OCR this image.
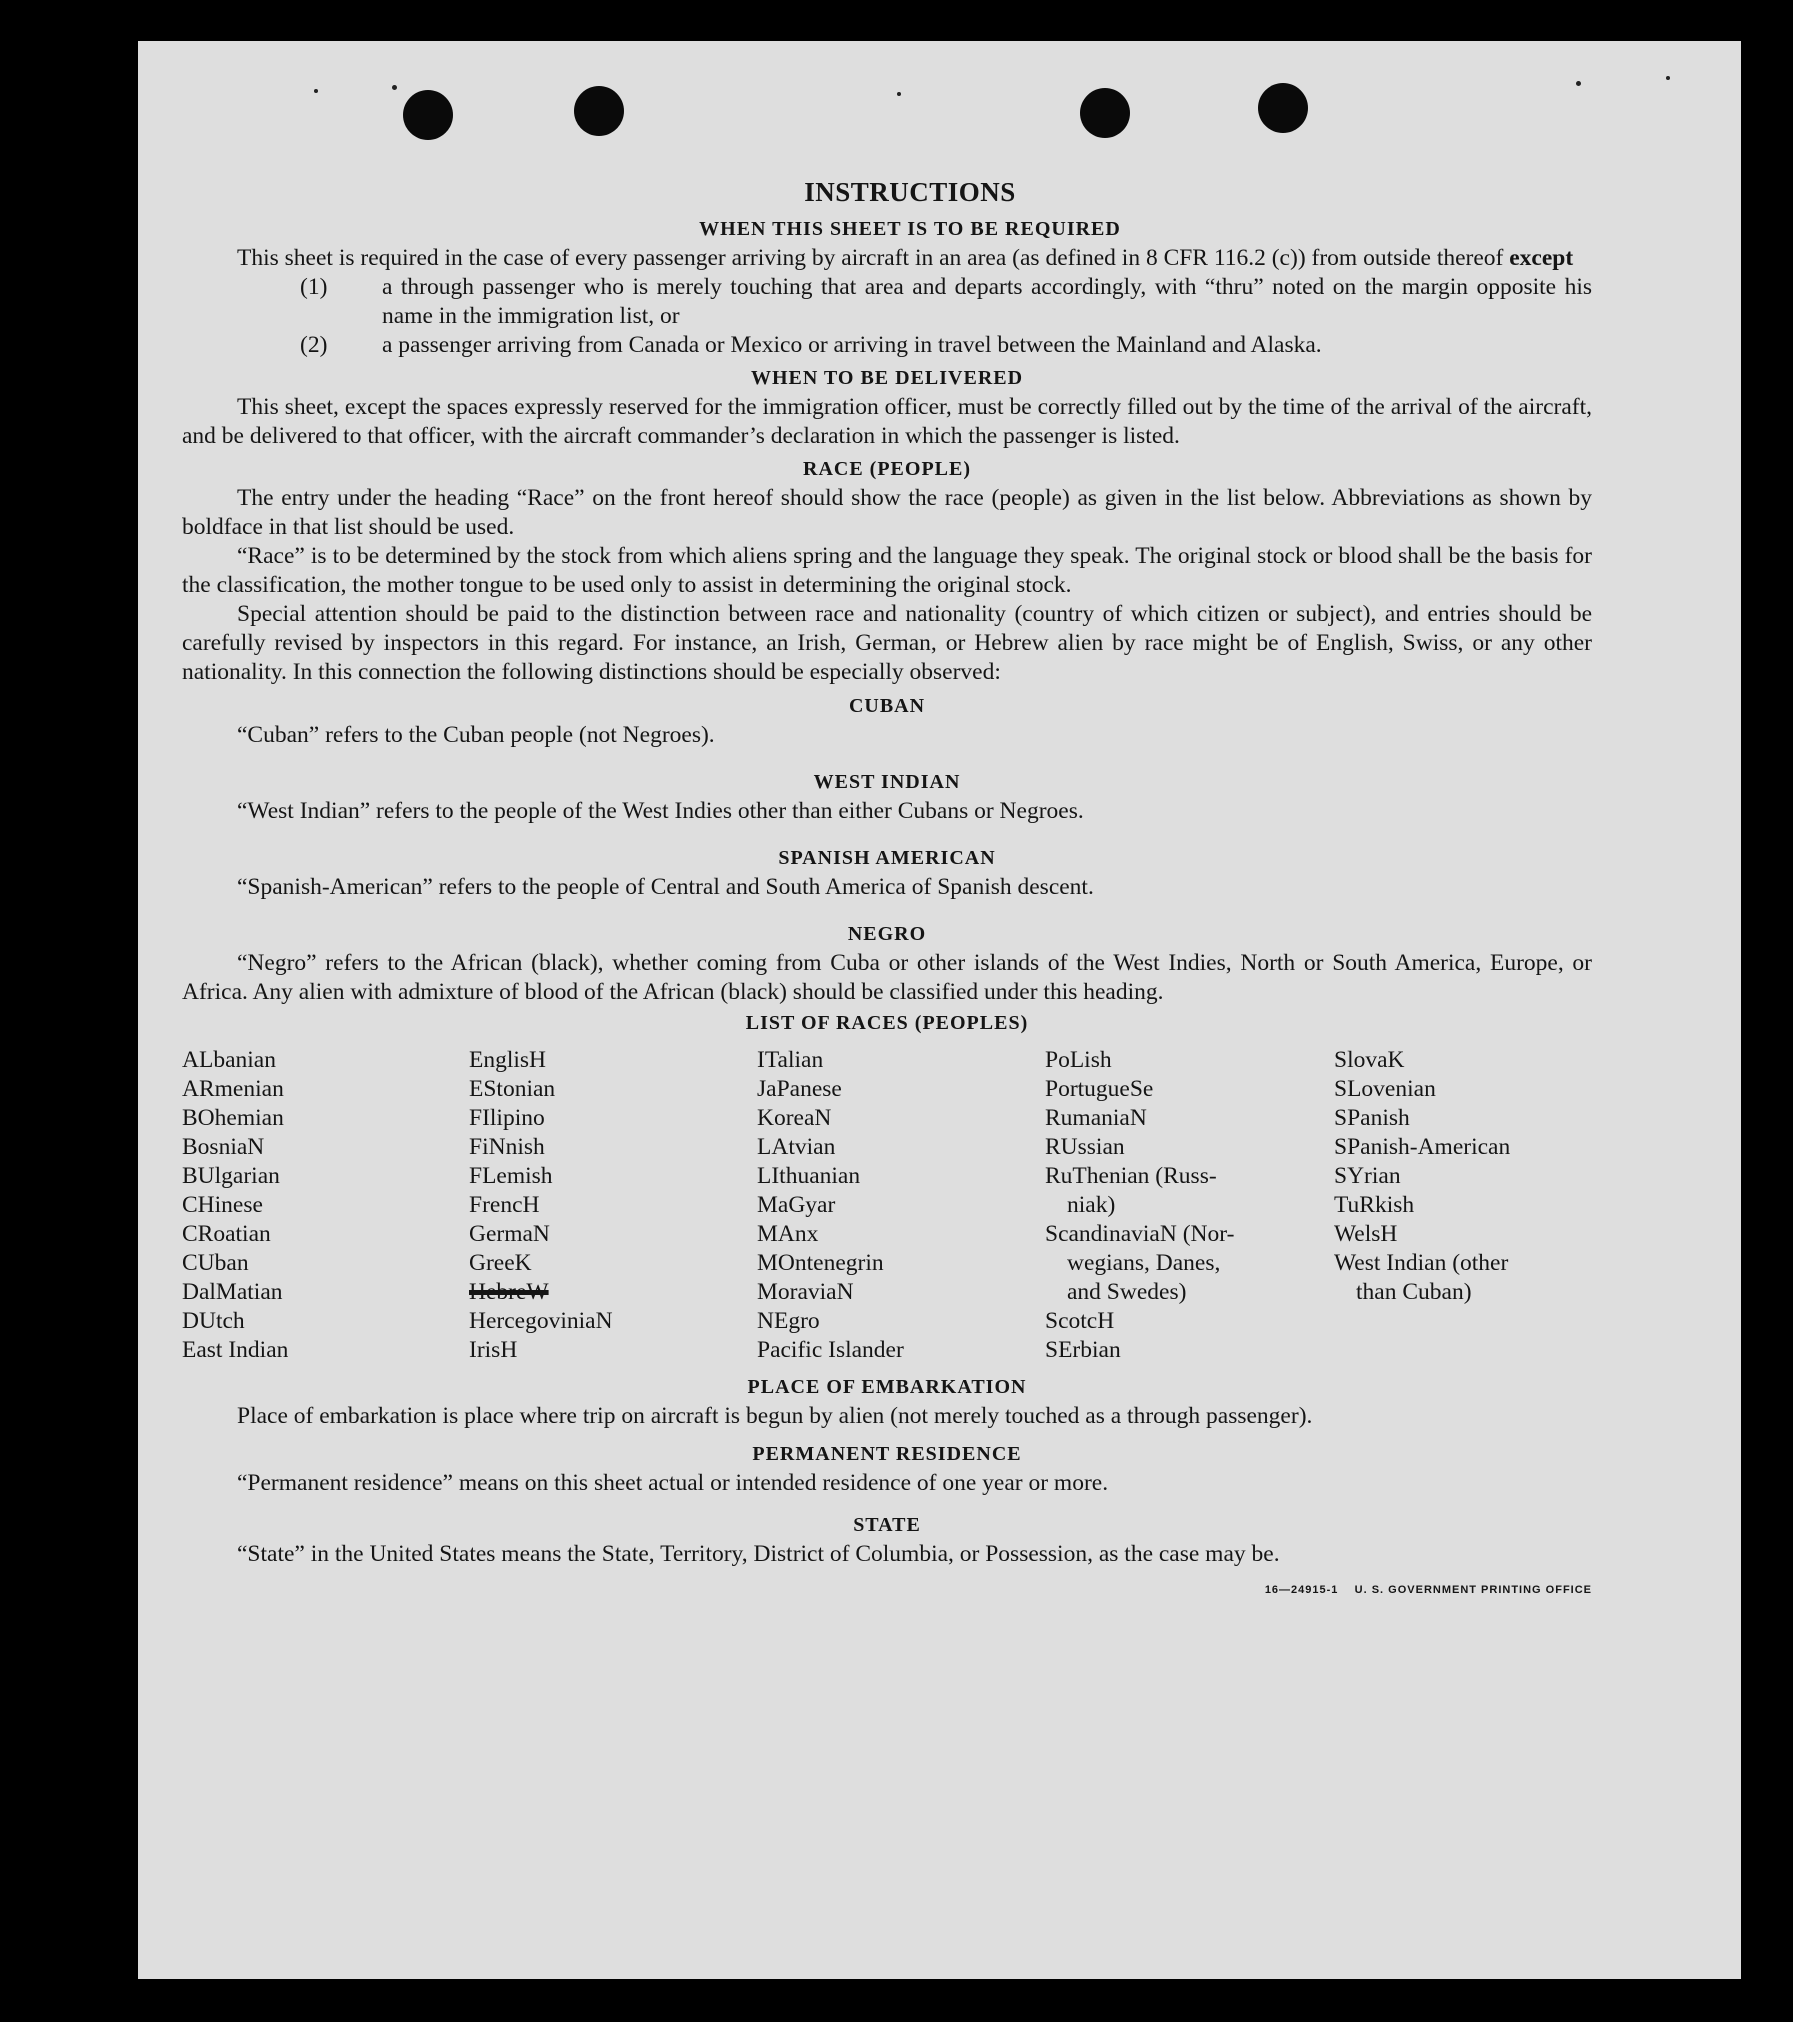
INSTRUCTIONS
WHEN THIS SHEET IS TO BE REQUIRED
This sheet is required in the case of every passenger arriving by aircraft in an area (as defined in 8 CFR 116.2 (c)) from outside thereof except
(1) a through passenger who is merely touching that area and departs accordingly, with “thru” noted on the margin opposite his name in the immigration list, or
(2) a passenger arriving from Canada or Mexico or arriving in travel between the Mainland and Alaska.
WHEN TO BE DELIVERED
This sheet, except the spaces expressly reserved for the immigration officer, must be correctly filled out by the time of the arrival of the aircraft, and be delivered to that officer, with the aircraft commander’s declaration in which the passenger is listed.
RACE (PEOPLE)
The entry under the heading “Race” on the front hereof should show the race (people) as given in the list below. Abbreviations as shown by boldface in that list should be used.
“Race” is to be determined by the stock from which aliens spring and the language they speak. The original stock or blood shall be the basis for the classification, the mother tongue to be used only to assist in determining the original stock.
Special attention should be paid to the distinction between race and nationality (country of which citizen or subject), and entries should be carefully revised by inspectors in this regard. For instance, an Irish, German, or Hebrew alien by race might be of English, Swiss, or any other nationality. In this connection the following distinctions should be especially observed:
CUBAN
“Cuban” refers to the Cuban people (not Negroes).
WEST INDIAN
“West Indian” refers to the people of the West Indies other than either Cubans or Negroes.
SPANISH AMERICAN
“Spanish-American” refers to the people of Central and South America of Spanish descent.
NEGRO
“Negro” refers to the African (black), whether coming from Cuba or other islands of the West Indies, North or South America, Europe, or Africa. Any alien with admixture of blood of the African (black) should be classified under this heading.
LIST OF RACES (PEOPLES)
ALbanian
ARmenian
BOhemian
BosniaN
BUlgarian
CHinese
CRoatian
CUban
DalMatian
DUtch
East Indian
EnglisH
EStonian
FIlipino
FiNnish
FLemish
FrencH
GermaN
GreeK
HebreW
HercegoviniaN
IrisH
ITalian
JaPanese
KoreaN
LAtvian
LIthuanian
MaGyar
MAnx
MOntenegrin
MoraviaN
NEgro
Pacific Islander
PoLish
PortugueSe
RumaniaN
RUssian
RuThenian (Russ-
niak)
ScandinaviaN (Nor-
wegians, Danes,
and Swedes)
ScotcH
SErbian
SlovaK
SLovenian
SPanish
SPanish-American
SYrian
TuRkish
WelsH
West Indian (other
than Cuban)
PLACE OF EMBARKATION
Place of embarkation is place where trip on aircraft is begun by alien (not merely touched as a through passenger).
PERMANENT RESIDENCE
“Permanent residence” means on this sheet actual or intended residence of one year or more.
STATE
“State” in the United States means the State, Territory, District of Columbia, or Possession, as the case may be.
16—24915-1 U. S. GOVERNMENT PRINTING OFFICE
